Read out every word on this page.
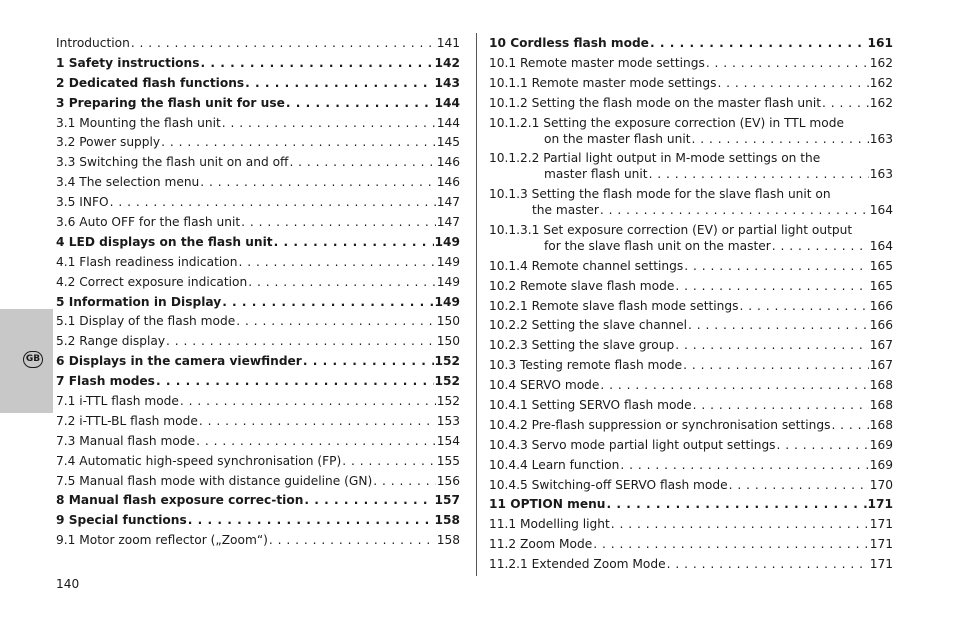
GB
Introduction . . .	141
1 Safety instructions . . .	142
2 Dedicated flash functions . . .	143
3 Preparing the flash unit for use . . .	144
3.1 Mounting the flash unit . . .	144
3.2 Power supply . . .	145
3.3 Switching the flash unit on and off . . .	146
3.4 The selection menu . . .	146
3.5 INFO . . .	147
3.6 Auto OFF for the flash unit . . .	147
4 LED displays on the flash unit . . .	149
4.1 Flash readiness indication . . .	149
4.2 Correct exposure indication . . .	149
5 Information in Display . . .	149
5.1 Display of the flash mode . . .	150
5.2 Range display . . .	150
6 Displays in the camera viewfinder . . .	152
7 Flash modes . . .	152
7.1 i-TTL flash mode . . .	152
7.2 i-TTL-BL flash mode . . .	153
7.3 Manual flash mode . . .	154
7.4 Automatic high-speed synchronisation (FP) . . .	155
7.5 Manual flash mode with distance guideline (GN) . . .	156
8 Manual flash exposure correc-tion . . .	157
9 Special functions . . .	158
9.1 Motor zoom reflector („Zoom“) . . .	158
10 Cordless flash mode . . .	161
10.1 Remote master mode settings . . .	162
10.1.1 Remote master mode settings . . .	162
10.1.2 Setting the flash mode on the master flash unit . . .	162
10.1.2.1 Setting the exposure correction (EV) in TTL mode
on the master flash unit . . .	163
10.1.2.2 Partial light output in M-mode settings on the
master flash unit . . .	163
10.1.3 Setting the flash mode for the slave flash unit on
the master . . .	164
10.1.3.1 Set exposure correction (EV) or partial light output
for the slave flash unit on the master . . .	164
10.1.4 Remote channel settings . . .	165
10.2 Remote slave flash mode . . .	165
10.2.1 Remote slave flash mode settings . . .	166
10.2.2 Setting the slave channel . . .	166
10.2.3 Setting the slave group . . .	167
10.3 Testing remote flash mode . . .	167
10.4 SERVO mode . . .	168
10.4.1 Setting SERVO flash mode . . .	168
10.4.2 Pre-flash suppression or synchronisation settings . . .	168
10.4.3 Servo mode partial light output settings . . .	169
10.4.4 Learn function . . .	169
10.4.5 Switching-off SERVO flash mode . . .	170
11 OPTION menu . . .	171
11.1 Modelling light . . .	171
11.2 Zoom Mode . . .	171
11.2.1 Extended Zoom Mode . . .	171
140
